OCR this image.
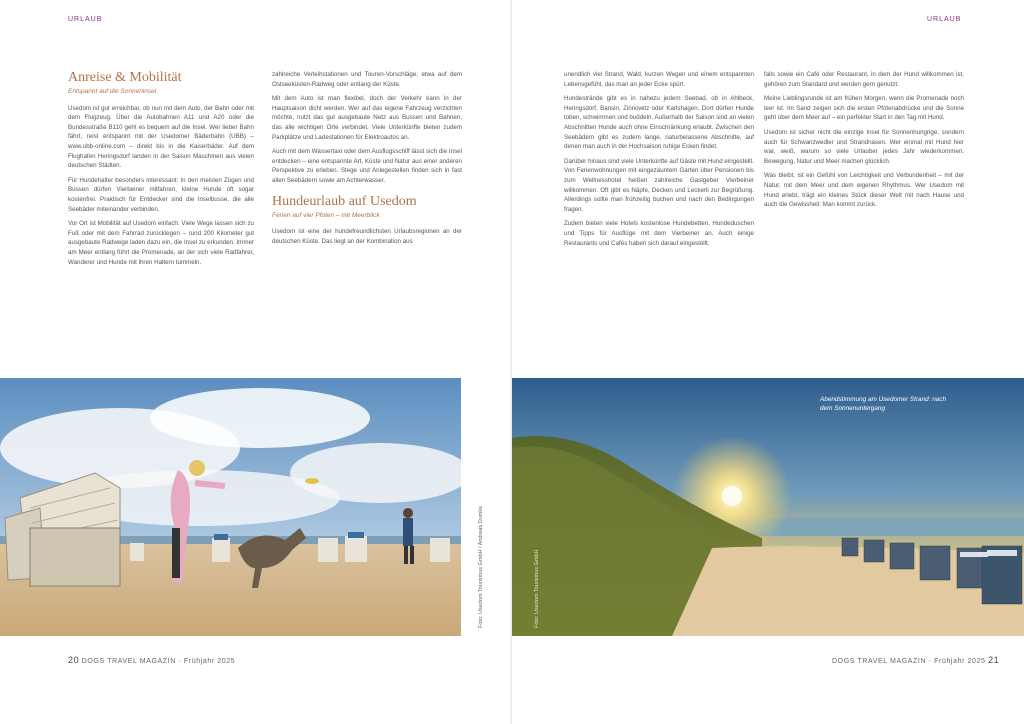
URLAUB
Anreise & Mobilität
Entspannt auf die Sonneninsel

Usedom ist gut erreichbar, ob nun mit dem Auto, der Bahn oder mit dem Flugzeug. Über die Autobahnen A11 und A20 oder die Bundesstraße B110 geht es bequem auf die Insel. Wer lieber Bahn fährt, reist entspannt mit der Usedomer Bäderbahn (UBB) – www.ubb-online.com – direkt bis in die Kaiserbäder. Auf dem Flughafen Heringsdorf landen in der Saison Maschinen aus vielen deutschen Städten.

Für Hundehalter besonders interessant: In den meisten Zügen und Bussen dürfen Vierbeiner mitfahren, kleine Hunde oft sogar kostenfrei. Praktisch für Entdecker sind die Inselbusse, die alle Seebäder miteinander verbinden.

Vor Ort ist Mobilität auf Usedom einfach: Viele Wege lassen sich zu Fuß oder mit dem Fahrrad zurücklegen – rund 200 Kilometer gut ausgebaute Radwege laden dazu ein, die Insel zu erkunden. Immer am Meer entlang führt die Promenade, an der sich viele Radfahrer, Wanderer und Hunde mit ihren Haltern tummeln.

zahlreiche Verleihstationen und Touren-Vorschläge, etwa auf dem Ostseeküsten-Radweg oder entlang der Küste.

Mit dem Auto ist man flexibel, doch der Verkehr kann in der Hauptsaison dicht werden. Wer auf das eigene Fahrzeug verzichten möchte, nutzt das gut ausgebaute Netz aus Bussen und Bahnen, das alle wichtigen Orte verbindet. Viele Unterkünfte bieten zudem Parkplätze und Ladestationen für Elektroautos an.

Auch mit dem Wassertaxi oder dem Ausflugsschiff lässt sich die Insel entdecken – eine entspannte Art, Küste und Natur aus einer anderen Perspektive zu erleben. Stege und Anlegestellen finden sich in fast allen Seebädern sowie am Achterwasser.

Hundeurlaub auf Usedom
Ferien auf vier Pfoten – mit Meerblick

Usedom ist eine der hundefreundlichsten Urlaubsregionen an der deutschen Küste. Das liegt an der Kombination aus

Foto: Usedom Tourismus GmbH / Andreas Dumke
20 DOGS TRAVEL MAGAZIN · Frühjahr 2025
URLAUB

unendlich viel Strand, Wald, kurzen Wegen und einem entspannten Lebensgefühl, das man an jeder Ecke spürt.

Hundestrände gibt es in nahezu jedem Seebad, ob in Ahlbeck, Heringsdorf, Bansin, Zinnowitz oder Karlshagen. Dort dürfen Hunde toben, schwimmen und buddeln. Außerhalb der Saison sind an vielen Abschnitten Hunde auch ohne Einschränkung erlaubt. Zwischen den Seebädern gibt es zudem lange, naturbelassene Abschnitte, auf denen man auch in der Hochsaison ruhige Ecken findet.

Darüber hinaus sind viele Unterkünfte auf Gäste mit Hund eingestellt. Von Ferienwohnungen mit eingezäuntem Garten über Pensionen bis zum Wellnesshotel heißen zahlreiche Gastgeber Vierbeiner willkommen. Oft gibt es Näpfe, Decken und Leckerli zur Begrüßung. Allerdings sollte man frühzeitig buchen und nach den Bedingungen fragen.

Zudem bieten viele Hotels kostenlose Hundebetten, Hundeduschen und Tipps für Ausflüge mit dem Vierbeiner an. Auch einige Restaurants und Cafés haben sich darauf eingestellt.

falls sowie ein Café oder Restaurant, in dem der Hund willkommen ist, gehören zum Standard und werden gern genutzt.

Meine Lieblingsrunde ist am frühen Morgen, wenn die Promenade noch leer ist. Im Sand zeigen sich die ersten Pfotenabdrücke und die Sonne geht über dem Meer auf – ein perfekter Start in den Tag mit Hund.

Usedom ist sicher nicht die einzige Insel für Sonnenhungrige, sondern auch für Schwanzwedler und Strandnasen. Wer einmal mit Hund hier war, weiß, warum so viele Urlauber jedes Jahr wiederkommen. Bewegung, Natur und Meer machen glücklich.

Was bleibt, ist ein Gefühl von Leichtigkeit und Verbundenheit – mit der Natur, mit dem Meer und dem eigenen Rhythmus. Wer Usedom mit Hund erlebt, trägt ein kleines Stück dieser Welt mit nach Hause und auch die Gewissheit: Man kommt zurück.

Abendstimmung am Usedomer Strand: nach dem Sonnenuntergang
Foto: Usedom Tourismus GmbH
DOGS TRAVEL MAGAZIN · Frühjahr 2025 21
